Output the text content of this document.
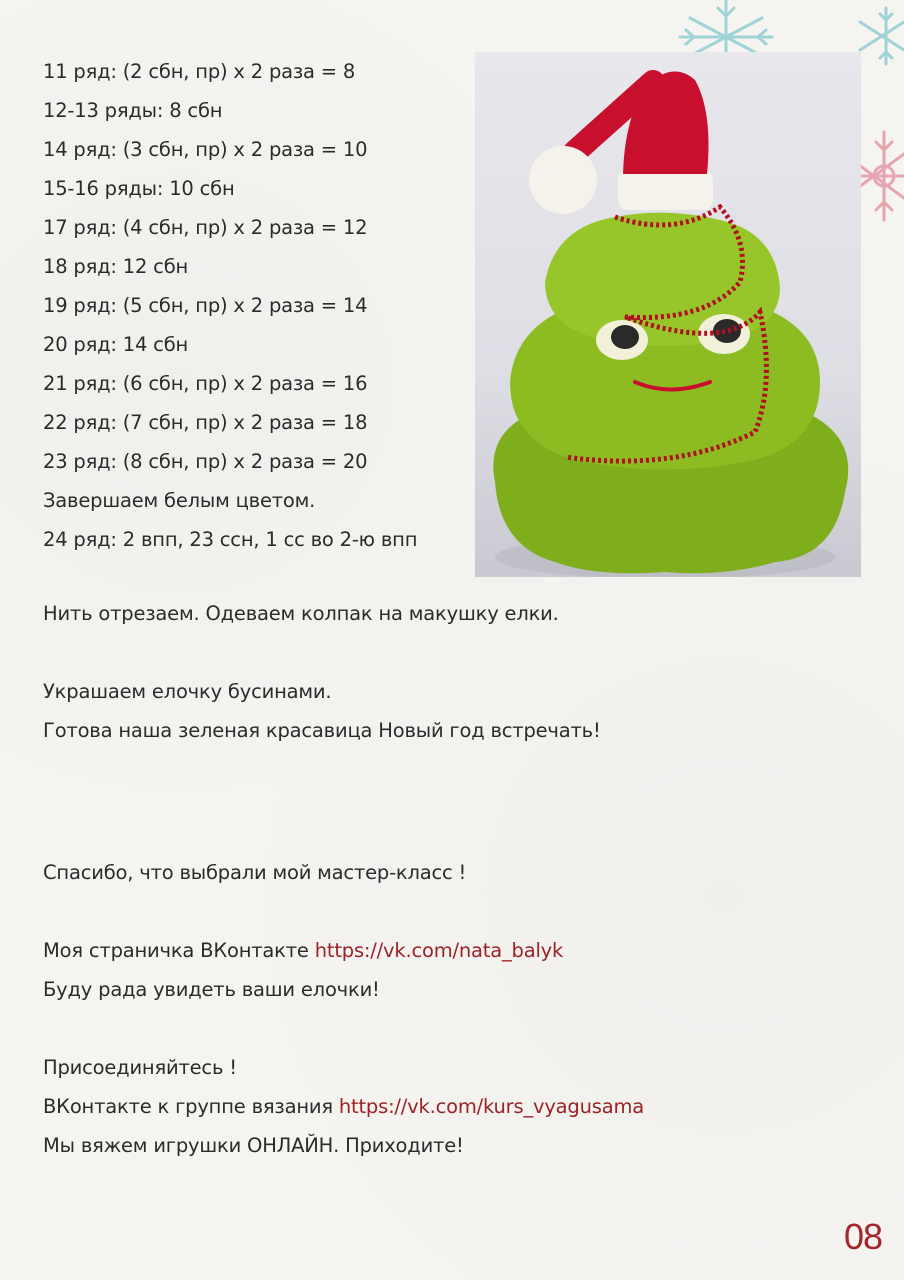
11 ряд: (2 сбн, пр) х 2 раза = 8
12-13 ряды: 8 сбн
14 ряд: (3 сбн, пр) х 2 раза = 10
15-16 ряды: 10 сбн
17 ряд: (4 сбн, пр) х 2 раза = 12
18 ряд: 12 сбн
19 ряд: (5 сбн, пр) х 2 раза = 14
20 ряд: 14 сбн
21 ряд: (6 сбн, пр) х 2 раза = 16
22 ряд: (7 сбн, пр) х 2 раза = 18
23 ряд: (8 сбн, пр) х 2 раза = 20
Завершаем белым цветом.
24 ряд: 2 впп, 23 ссн, 1 сс во 2-ю впп
Нить отрезаем. Одеваем колпак на макушку елки.
Украшаем елочку бусинами.
Готова наша зеленая красавица Новый год встречать!
Спасибо, что выбрали мой мастер-класс !
Моя страничка ВКонтакте https://vk.com/nata_balyk
Буду рада увидеть ваши елочки!
Присоединяйтесь !
ВКонтакте к группе вязания https://vk.com/kurs_vyagusama
Мы вяжем игрушки ОНЛАЙН. Приходите!
08
